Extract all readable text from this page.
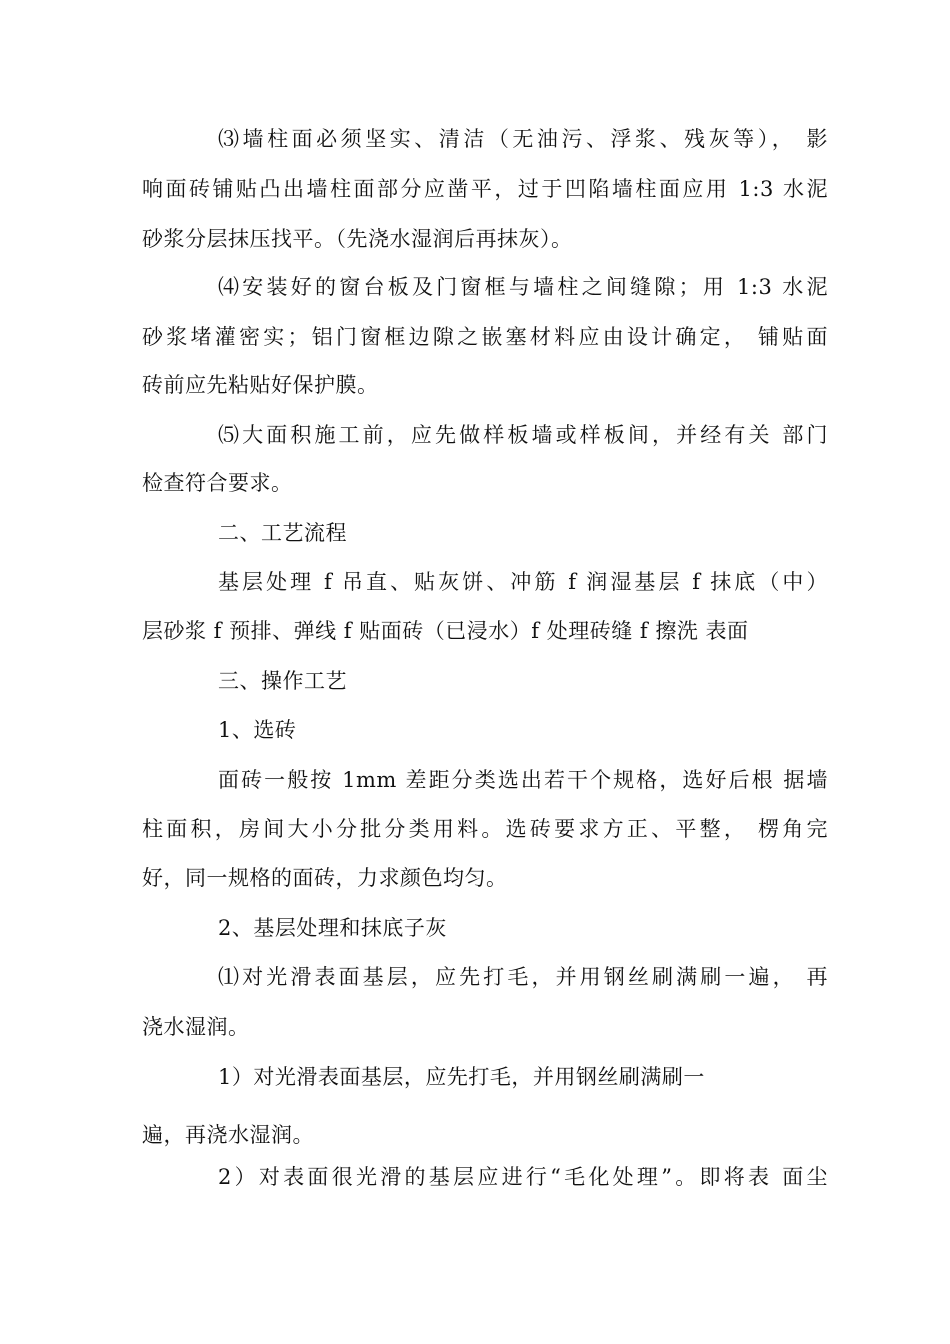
⑶墙柱面必须坚实、清洁（无油污、浮浆、残灰等）， 影
响面砖铺贴凸出墙柱面部分应凿平，过于凹陷墙柱面应用 1:3 水泥
砂浆分层抹压找平。（先浇水湿润后再抹灰）。
⑷安装好的窗台板及门窗框与墙柱之间缝隙；用 1:3 水泥
砂浆堵灌密实；铝门窗框边隙之嵌塞材料应由设计确定， 铺贴面
砖前应先粘贴好保护膜。
⑸大面积施工前，应先做样板墙或样板间，并经有关 部门
检查符合要求。
二、工艺流程
基层处理 f 吊直、贴灰饼、冲筋 f 润湿基层 f 抹底（中）
层砂浆 f 预排、弹线 f 贴面砖（已浸水）f 处理砖缝 f 擦洗 表面
三、操作工艺
1、选砖
面砖一般按 1mm 差距分类选出若干个规格，选好后根 据墙
柱面积，房间大小分批分类用料。选砖要求方正、平整， 楞角完
好，同一规格的面砖，力求颜色均匀。
2、基层处理和抹底子灰
⑴对光滑表面基层，应先打毛，并用钢丝刷满刷一遍， 再
浇水湿润。
1）对光滑表面基层，应先打毛，并用钢丝刷满刷一
遍，再浇水湿润。
2）对表面很光滑的基层应进行“毛化处理”。即将表 面尘
